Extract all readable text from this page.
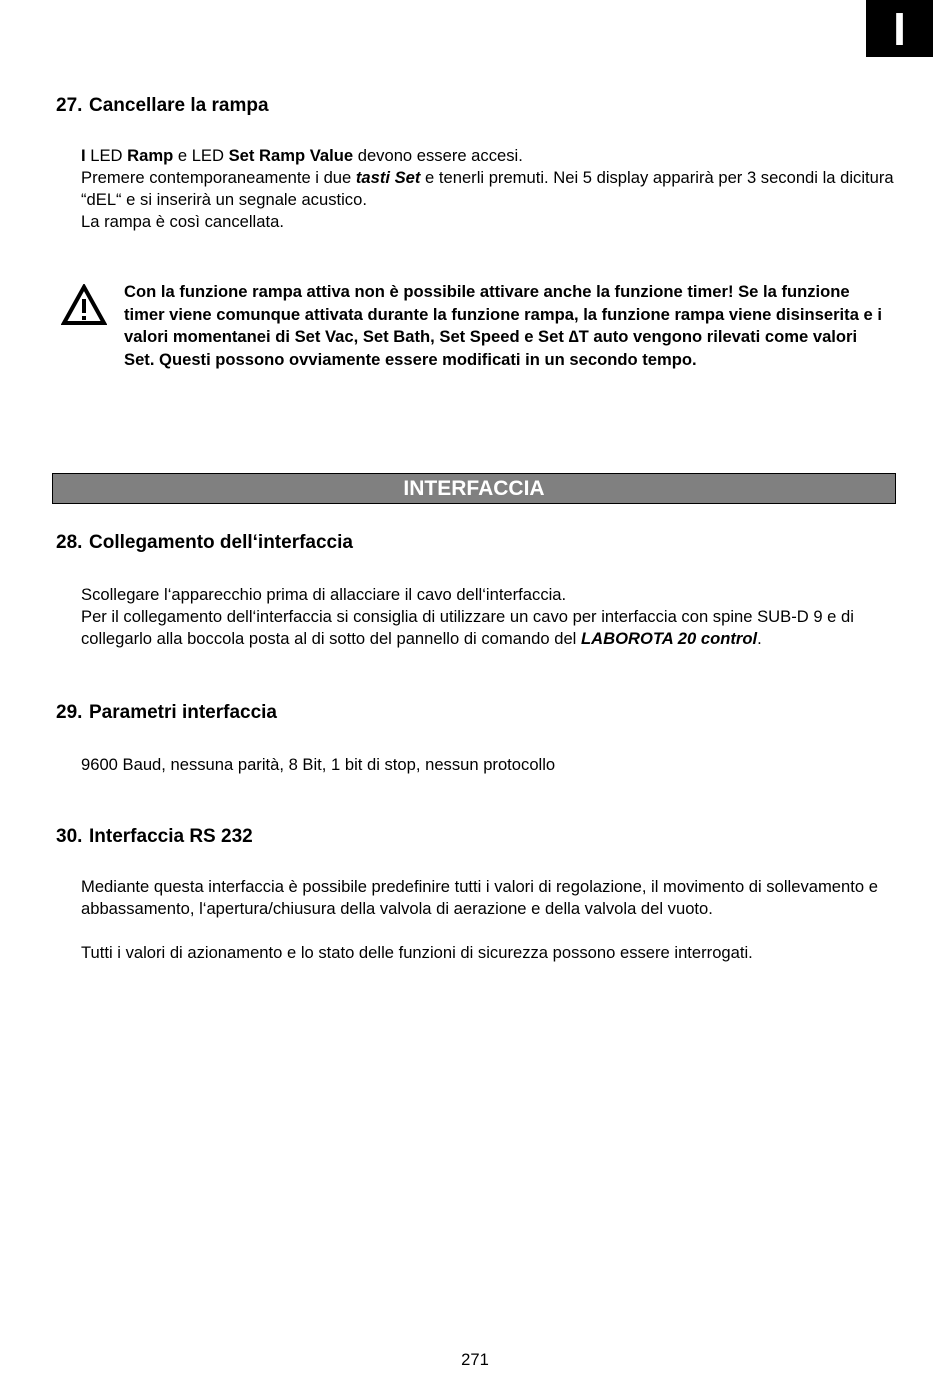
I
27. Cancellare la rampa

I LED Ramp e LED Set Ramp Value devono essere accesi.

Premere contemporaneamente i due tasti Set e tenerli premuti. Nei 5 display apparirà per 3 secondi la dicitura “dEL“ e si inserirà un segnale acustico.

La rampa è così cancellata.

Con la funzione rampa attiva non è possibile attivare anche la funzione timer! Se la funzione timer viene comunque attivata durante la funzione rampa, la funzione rampa viene disinserita e i valori momentanei di Set Vac, Set Bath, Set Speed e Set ∆T auto vengono rilevati come valori Set. Questi possono ovviamente essere modificati in un secondo tempo.
INTERFACCIA
28. Collegamento dell‘interfaccia

Scollegare l‘apparecchio prima di allacciare il cavo dell‘interfaccia.

Per il collegamento dell‘interfaccia si consiglia di utilizzare un cavo per interfaccia con spine SUB-D 9 e di collegarlo alla boccola posta al di sotto del pannello di comando del LABOROTA 20 control.

29. Parametri interfaccia

9600 Baud, nessuna parità, 8 Bit, 1 bit di stop, nessun protocollo

30. Interfaccia RS 232

Mediante questa interfaccia è possibile predefinire tutti i valori di regolazione, il movimento di sollevamento e abbassamento, l‘apertura/chiusura della valvola di aerazione e della valvola del vuoto.

Tutti i valori di azionamento e lo stato delle funzioni di sicurezza possono essere interrogati.

271
